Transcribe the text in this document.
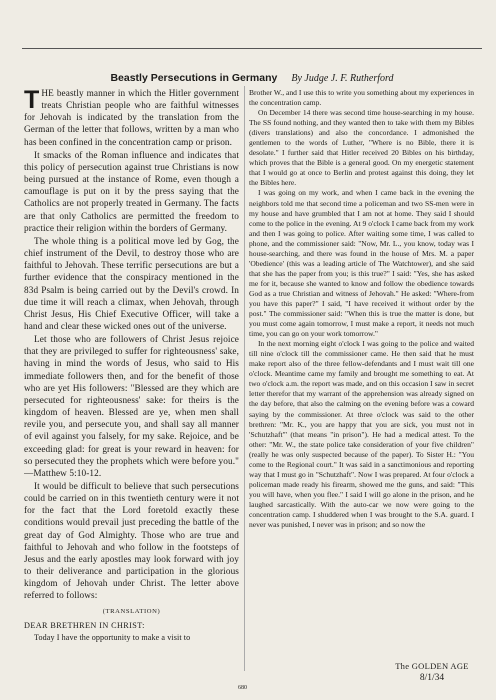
Beastly Persecutions in Germany By Judge J. F. Rutherford

THE beastly manner in which the Hitler government treats Christian people who are faithful witnesses for Jehovah is indicated by the translation from the German of the letter that follows, written by a man who has been confined in the concentration camp or prison.

It smacks of the Roman influence and indicates that this policy of persecution against true Christians is now being pursued at the instance of Rome, even though a camouflage is put on it by the press saying that the Catholics are not properly treated in Germany. The facts are that only Catholics are permitted the freedom to practice their religion within the borders of Germany.

The whole thing is a political move led by Gog, the chief instrument of the Devil, to destroy those who are faithful to Jehovah. These terrific persecutions are but a further evidence that the conspiracy mentioned in the 83d Psalm is being carried out by the Devil's crowd. In due time it will reach a climax, when Jehovah, through Christ Jesus, His Chief Executive Officer, will take a hand and clear these wicked ones out of the universe.

Let those who are followers of Christ Jesus rejoice that they are privileged to suffer for righteousness' sake, having in mind the words of Jesus, who said to His immediate followers then, and for the benefit of those who are yet His followers: "Blessed are they which are persecuted for righteousness' sake: for theirs is the kingdom of heaven. Blessed are ye, when men shall revile you, and persecute you, and shall say all manner of evil against you falsely, for my sake. Rejoice, and be exceeding glad: for great is your reward in heaven: for so persecuted they the prophets which were before you." —Matthew 5:10-12.

It would be difficult to believe that such persecutions could be carried on in this twentieth century were it not for the fact that the Lord foretold exactly these conditions would prevail just preceding the battle of the great day of God Almighty. Those who are true and faithful to Jehovah and who follow in the footsteps of Jesus and the early apostles may look forward with joy to their deliverance and participation in the glorious kingdom of Jehovah under Christ. The letter above referred to follows:

(TRANSLATION)

DEAR BRETHREN IN CHRIST:

Today I have the opportunity to make a visit to

Brother W., and I use this to write you something about my experiences in the concentration camp.

On December 14 there was second time house-searching in my house. The SS found nothing, and they wanted then to take with them my Bibles (divers translations) and also the concordance. I admonished the gentlemen to the words of Luther, "Where is no Bible, there it is desolate." I further said that Hitler received 20 Bibles on his birthday, which proves that the Bible is a general good. On my energetic statement that I would go at once to Berlin and protest against this doing, they let the Bibles here.

I was going on my work, and when I came back in the evening the neighbors told me that second time a policeman and two SS-men were in my house and have grumbled that I am not at home. They said I should come to the police in the evening. At 9 o'clock I came back from my work and then I was going to police. After waiting some time, I was called to phone, and the commissioner said: "Now, Mr. L., you know, today was I house-searching, and there was found in the house of Mrs. M. a paper 'Obedience' (this was a leading article of The Watchtower), and she said that she has the paper from you; is this true?" I said: "Yes, she has asked me for it, because she wanted to know and follow the obedience towards God as a true Christian and witness of Jehovah." He asked: "Where-from you have this paper?" I said, "I have received it without order by the post." The commissioner said: "When this is true the matter is done, but you must come again tomorrow, I must make a report, it needs not much time, you can go on your work tomorrow."

In the next morning eight o'clock I was going to the police and waited till nine o'clock till the commissioner came. He then said that he must make report also of the three fellow-defendants and I must wait till one o'clock. Meantime came my family and brought me something to eat. At two o'clock a.m. the report was made, and on this occasion I saw in secret letter therefor that my warrant of the apprehension was already signed on the day before, that also the calming on the evening before was a coward saying by the commissioner. At three o'clock was said to the other brethren: "Mr. K., you are happy that you are sick, you must not in 'Schutzhaft'" (that means "in prison"). He had a medical attest. To the other: "Mr. W., the state police take consideration of your five children" (really he was only suspected because of the paper). To Sister H.: "You come to the Regional court." It was said in a sanctimonious and reporting way that I must go in "Schutzhaft". Now I was prepared. At four o'clock a policeman made ready his firearm, showed me the guns, and said: "This you will have, when you flee." I said I will go alone in the prison, and he laughed sarcastically. With the auto-car we now were going to the concentration camp. I shuddered when I was brought to the S.A. guard. I never was punished, I never was in prison; and so now the

680
The GOLDEN AGE
8/1/34
